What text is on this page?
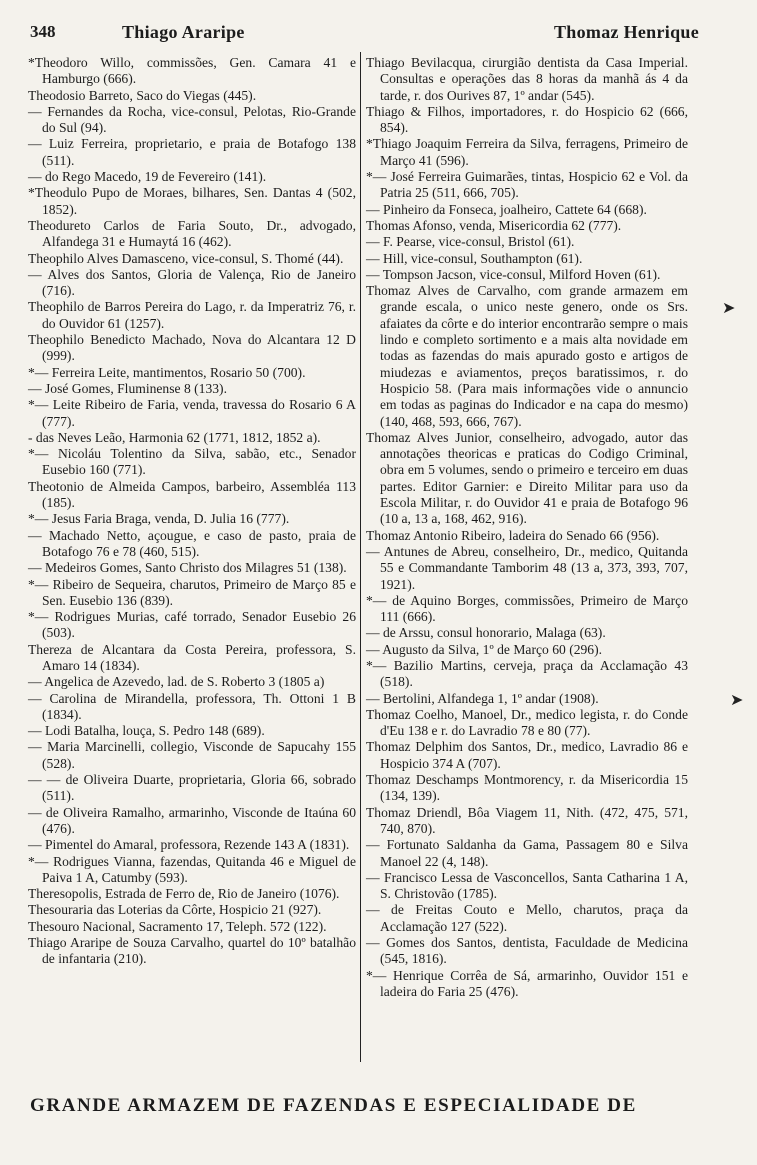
348	Thiago Araripe	Thomaz Henrique

*Theodoro Willo, commissões, Gen. Camara 41 e Hamburgo (666).

Theodosio Barreto, Saco do Viegas (445).

— Fernandes da Rocha, vice-consul, Pelotas, Rio-Grande do Sul (94).

— Luiz Ferreira, proprietario, e praia de Botafogo 138 (511).

— do Rego Macedo, 19 de Fevereiro (141).

*Theodulo Pupo de Moraes, bilhares, Sen. Dantas 4 (502, 1852).

Theodureto Carlos de Faria Souto, Dr., advogado, Alfandega 31 e Humaytá 16 (462).

Theophilo Alves Damasceno, vice-consul, S. Thomé (44).

— Alves dos Santos, Gloria de Valença, Rio de Janeiro (716).

Theophilo de Barros Pereira do Lago, r. da Imperatriz 76, r. do Ouvidor 61 (1257).

Theophilo Benedicto Machado, Nova do Alcantara 12 D (999).

*— Ferreira Leite, mantimentos, Rosario 50 (700).

— José Gomes, Fluminense 8 (133).

*— Leite Ribeiro de Faria, venda, travessa do Rosario 6 A (777).

- das Neves Leão, Harmonia 62 (1771, 1812, 1852 a).

*— Nicoláu Tolentino da Silva, sabão, etc., Senador Eusebio 160 (771).

Theotonio de Almeida Campos, barbeiro, Assembléa 113 (185).

*— Jesus Faria Braga, venda, D. Julia 16 (777).

— Machado Netto, açougue, e caso de pasto, praia de Botafogo 76 e 78 (460, 515).

— Medeiros Gomes, Santo Christo dos Milagres 51 (138).

*— Ribeiro de Sequeira, charutos, Primeiro de Março 85 e Sen. Eusebio 136 (839).

*— Rodrigues Murias, café torrado, Senador Eusebio 26 (503).

Thereza de Alcantara da Costa Pereira, professora, S. Amaro 14 (1834).

— Angelica de Azevedo, lad. de S. Roberto 3 (1805 a)

— Carolina de Mirandella, professora, Th. Ottoni 1 B (1834).

— Lodi Batalha, louça, S. Pedro 148 (689).

— Maria Marcinelli, collegio, Visconde de Sapucahy 155 (528).

— — de Oliveira Duarte, proprietaria, Gloria 66, sobrado (511).

— de Oliveira Ramalho, armarinho, Visconde de Itaúna 60 (476).

— Pimentel do Amaral, professora, Rezende 143 A (1831).

*— Rodrigues Vianna, fazendas, Quitanda 46 e Miguel de Paiva 1 A, Catumby (593).

Theresopolis, Estrada de Ferro de, Rio de Janeiro (1076).

Thesouraria das Loterias da Côrte, Hospicio 21 (927).

Thesouro Nacional, Sacramento 17, Teleph. 572 (122).

Thiago Araripe de Souza Carvalho, quartel do 10º batalhão de infantaria (210).

Thiago Bevilacqua, cirurgião dentista da Casa Imperial. Consultas e operações das 8 horas da manhã ás 4 da tarde, r. dos Ourives 87, 1º andar (545).

Thiago & Filhos, importadores, r. do Hospicio 62 (666, 854).

*Thiago Joaquim Ferreira da Silva, ferragens, Primeiro de Março 41 (596).

*— José Ferreira Guimarães, tintas, Hospicio 62 e Vol. da Patria 25 (511, 666, 705).

— Pinheiro da Fonseca, joalheiro, Cattete 64 (668).

Thomas Afonso, venda, Misericordia 62 (777).

— F. Pearse, vice-consul, Bristol (61).

— Hill, vice-consul, Southampton (61).

— Tompson Jacson, vice-consul, Milford Hoven (61).

Thomaz Alves de Carvalho, com grande armazem em grande escala, o unico neste genero, onde os Srs. afaiates da côrte e do interior encontrarão sempre o mais lindo e completo sortimento e a mais alta novidade em todas as fazendas do mais apurado gosto e artigos de miudezas e aviamentos, preços baratissimos, r. do Hospicio 58. (Para mais informações vide o annuncio em todas as paginas do Indicador e na capa do mesmo) (140, 468, 593, 666, 767).

Thomaz Alves Junior, conselheiro, advogado, autor das annotações theoricas e praticas do Codigo Criminal, obra em 5 volumes, sendo o primeiro e terceiro em duas partes. Editor Garnier: e Direito Militar para uso da Escola Militar, r. do Ouvidor 41 e praia de Botafogo 96 (10 a, 13 a, 168, 462, 916).

Thomaz Antonio Ribeiro, ladeira do Senado 66 (956).

— Antunes de Abreu, conselheiro, Dr., medico, Quitanda 55 e Commandante Tamborim 48 (13 a, 373, 393, 707, 1921).

*— de Aquino Borges, commissões, Primeiro de Março 111 (666).

— de Arssu, consul honorario, Malaga (63).

— Augusto da Silva, 1º de Março 60 (296).

*— Bazilio Martins, cerveja, praça da Acclamação 43 (518).

— Bertolini, Alfandega 1, 1º andar (1908).

Thomaz Coelho, Manoel, Dr., medico legista, r. do Conde d'Eu 138 e r. do Lavradio 78 e 80 (77).

Thomaz Delphim dos Santos, Dr., medico, Lavradio 86 e Hospicio 374 A (707).

Thomaz Deschamps Montmorency, r. da Misericordia 15 (134, 139).

Thomaz Driendl, Bôa Viagem 11, Nith. (472, 475, 571, 740, 870).

— Fortunato Saldanha da Gama, Passagem 80 e Silva Manoel 22 (4, 148).

— Francisco Lessa de Vasconcellos, Santa Catharina 1 A, S. Christovão (1785).

— de Freitas Couto e Mello, charutos, praça da Acclamação 127 (522).

— Gomes dos Santos, dentista, Faculdade de Medicina (545, 1816).

*— Henrique Corrêa de Sá, armarinho, Ouvidor 151 e ladeira do Faria 25 (476).

GRANDE ARMAZEM DE FAZENDAS E ESPECIALIDADE DE
➤
➤
